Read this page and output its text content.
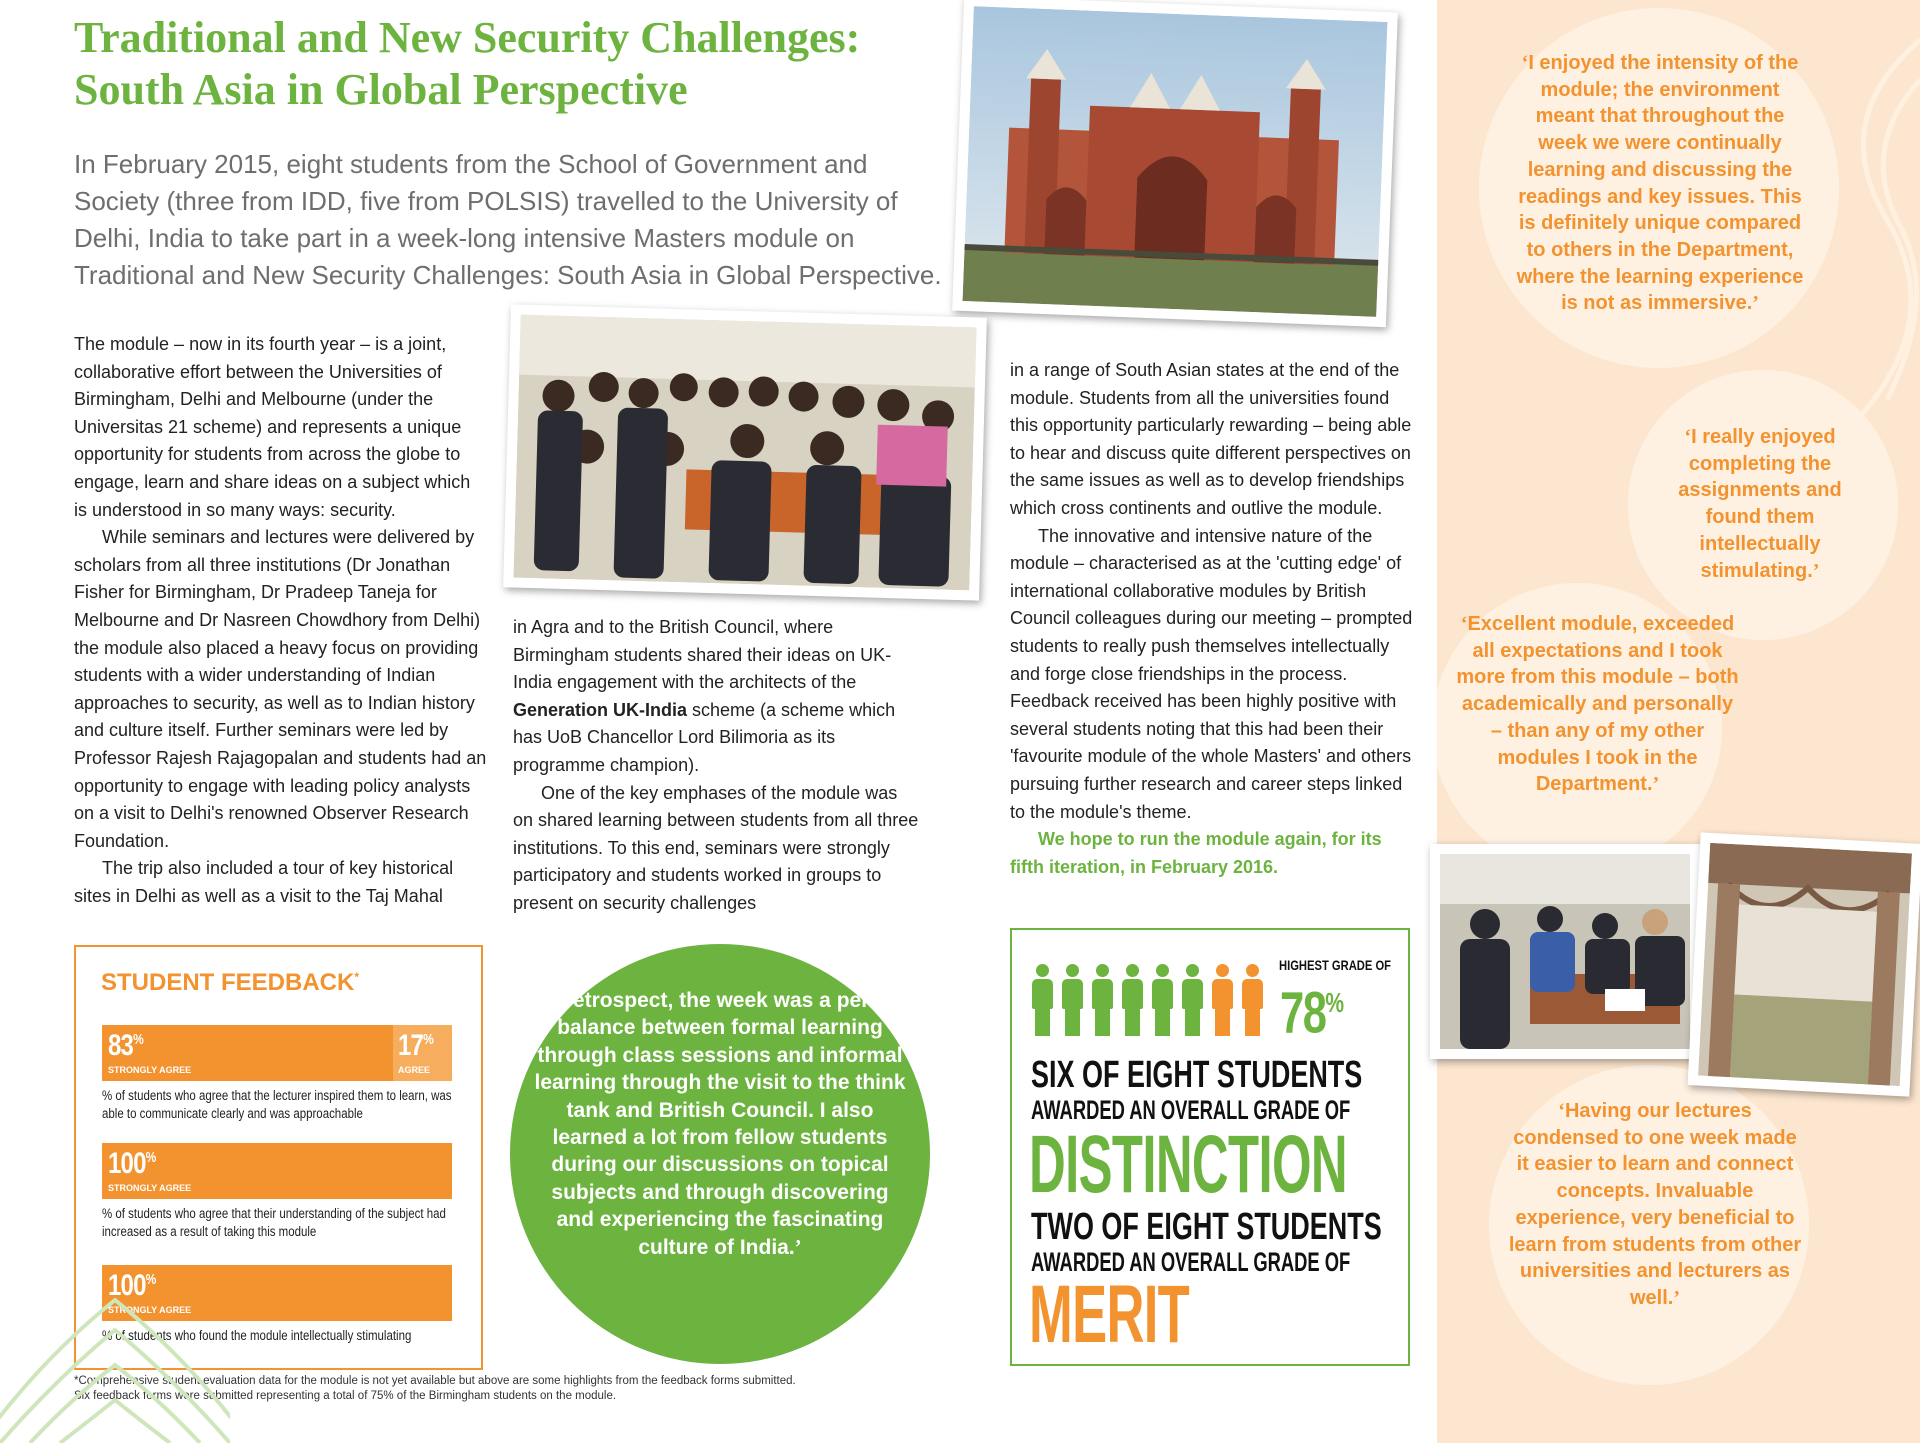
Traditional and New Security Challenges:
South Asia in Global Perspective

In February 2015, eight students from the School of Government and Society (three from IDD, five from POLSIS) travelled to the University of Delhi, India to take part in a week-long intensive Masters module on Traditional and New Security Challenges: South Asia in Global Perspective.

The module – now in its fourth year – is a joint, collaborative effort between the Universities of Birmingham, Delhi and Melbourne (under the Universitas 21 scheme) and represents a unique opportunity for students from across the globe to engage, learn and share ideas on a subject which is understood in so many ways: security.

While seminars and lectures were delivered by scholars from all three institutions (Dr Jonathan Fisher for Birmingham, Dr Pradeep Taneja for Melbourne and Dr Nasreen Chowdhory from Delhi) the module also placed a heavy focus on providing students with a wider understanding of Indian approaches to security, as well as to Indian history and culture itself. Further seminars were led by Professor Rajesh Rajagopalan and students had an opportunity to engage with leading policy analysts on a visit to Delhi's renowned Observer Research Foundation.

The trip also included a tour of key historical sites in Delhi as well as a visit to the Taj Mahal

in Agra and to the British Council, where Birmingham students shared their ideas on UK-India engagement with the architects of the Generation UK-India scheme (a scheme which has UoB Chancellor Lord Bilimoria as its programme champion).

One of the key emphases of the module was on shared learning between students from all three institutions. To this end, seminars were strongly participatory and students worked in groups to present on security challenges

in a range of South Asian states at the end of the module. Students from all the universities found this opportunity particularly rewarding – being able to hear and discuss quite different perspectives on the same issues as well as to develop friendships which cross continents and outlive the module.

The innovative and intensive nature of the module – characterised as at the 'cutting edge' of international collaborative modules by British Council colleagues during our meeting – prompted students to really push themselves intellectually and forge close friendships in the process. Feedback received has been highly positive with several students noting that this had been their 'favourite module of the whole Masters' and others pursuing further research and career steps linked to the module's theme.

We hope to run the module again, for its fifth iteration, in February 2016.

STUDENT FEEDBACK*

83%
STRONGLY AGREE
17%
AGREE
% of students who agree that the lecturer inspired them to learn, was able to communicate clearly and was approachable
100%
STRONGLY AGREE
% of students who agree that their understanding of the subject had increased as a result of taking this module
100%
STRONGLY AGREE
% of students who found the module intellectually stimulating
*Comprehensive student evaluation data for the module is not yet available but above are some highlights from the feedback forms submitted.
Six feedback forms were submitted representing a total of 75% of the Birmingham students on the module.

‘In retrospect, the week was a perfect balance between formal learning through class sessions and informal learning through the visit to the think tank and British Council. I also learned a lot from fellow students during our discussions on topical subjects and through discovering and experiencing the fascinating culture of India.’

HIGHEST GRADE OF
78%
SIX OF EIGHT STUDENTS
AWARDED AN OVERALL GRADE OF
DISTINCTION
TWO OF EIGHT STUDENTS
AWARDED AN OVERALL GRADE OF
MERIT

‘I enjoyed the intensity of the module; the environment meant that throughout the week we were continually learning and discussing the readings and key issues. This is definitely unique compared to others in the Department, where the learning experience is not as immersive.’

‘I really enjoyed completing the assignments and found them intellectually stimulating.’

‘Excellent module, exceeded all expectations and I took more from this module – both academically and personally – than any of my other modules I took in the Department.’

‘Having our lectures condensed to one week made it easier to learn and connect concepts. Invaluable experience, very beneficial to learn from students from other universities and lecturers as well.’
